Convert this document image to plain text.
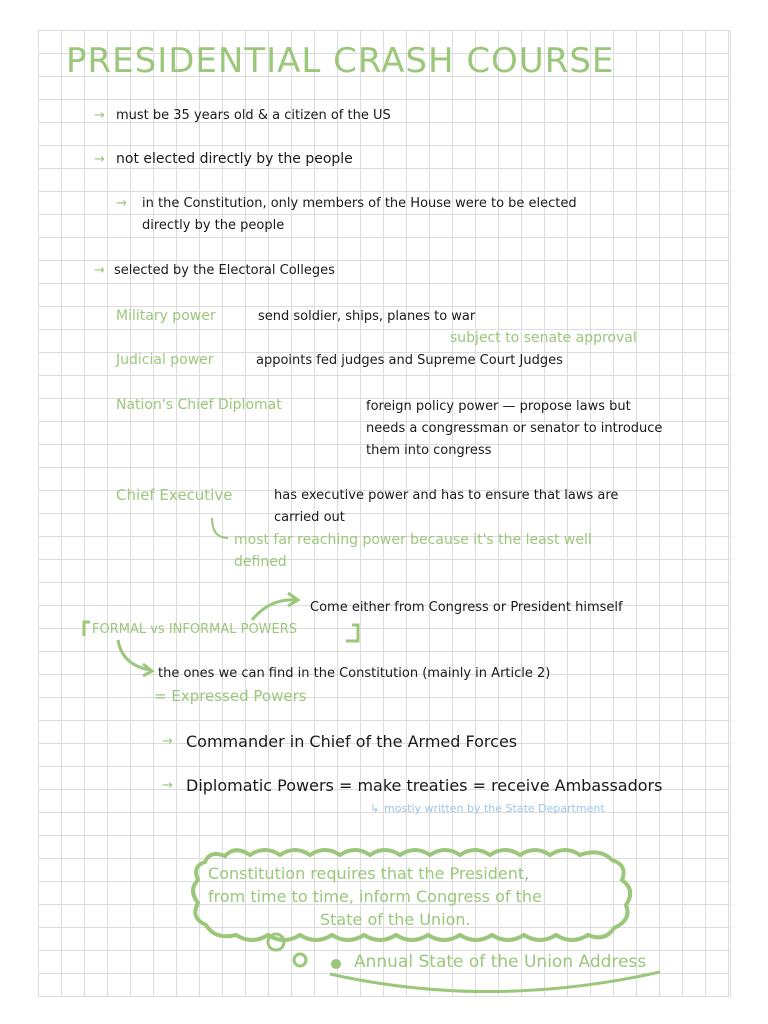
PRESIDENTIAL CRASH COURSE
→ must be 35 years old & a citizen of the US
→ not elected directly by the people
→ in the Constitution, only members of the House were to be elected
directly by the people
→ selected by the Electoral Colleges
Military power	send soldier, ships, planes to war
subject to senate approval
Judicial power	appoints fed judges and Supreme Court Judges
Nation's Chief Diplomat	foreign policy power — propose laws but
needs a congressman or senator to introduce
them into congress
Chief Executive	has executive power and has to ensure that laws are
carried out
most far reaching power because it's the least well
defined
Come either from Congress or President himself
FORMAL vs INFORMAL POWERS
the ones we can find in the Constitution (mainly in Article 2)
= Expressed Powers
→ Commander in Chief of the Armed Forces
→ Diplomatic Powers = make treaties = receive Ambassadors
↳ mostly written by the State Department
Constitution requires that the President,
from time to time, inform Congress of the
State of the Union.
Annual State of the Union Address
